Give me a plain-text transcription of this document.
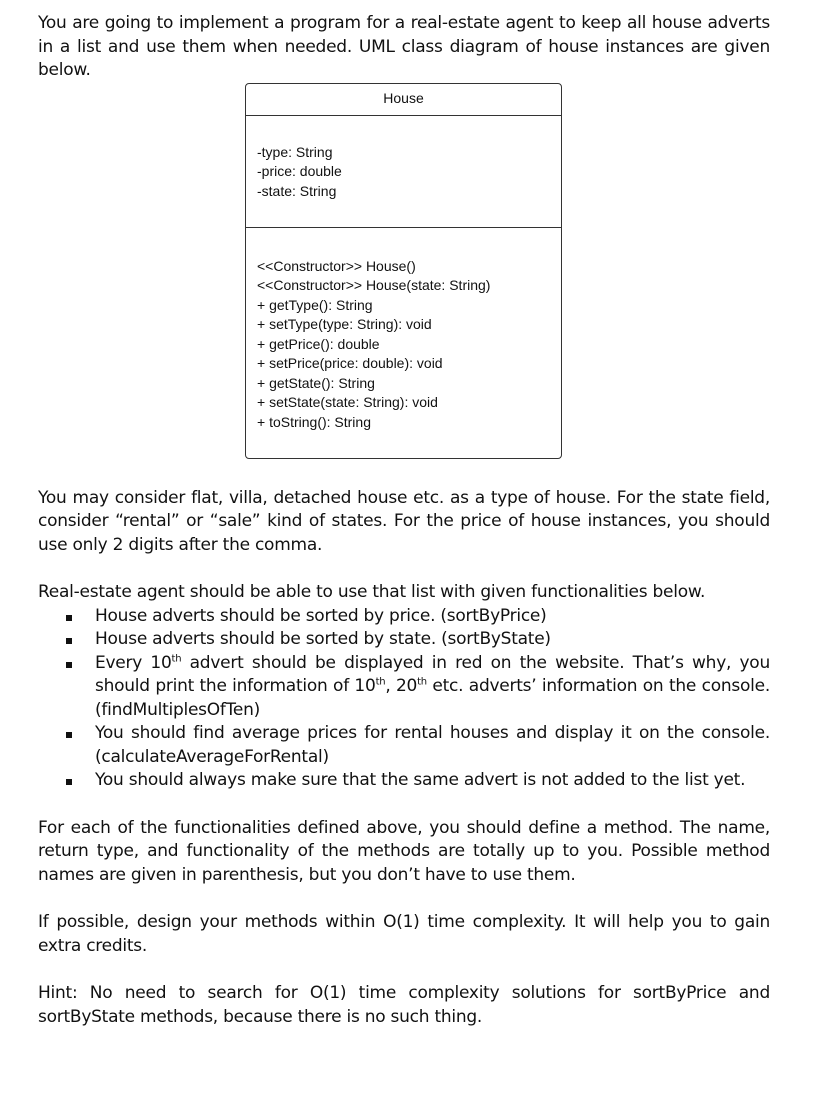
You are going to implement a program for a real-estate agent to keep all house adverts in a list and use them when needed. UML class diagram of house instances are given below.

House
-type: String
-price: double
-state: String
<<Constructor>> House()
<<Constructor>> House(state: String)
+ getType(): String
+ setType(type: String): void
+ getPrice(): double
+ setPrice(price: double): void
+ getState(): String
+ setState(state: String): void
+ toString(): String

You may consider flat, villa, detached house etc. as a type of house. For the state field, consider “rental” or “sale” kind of states. For the price of house instances, you should use only 2 digits after the comma.

Real-estate agent should be able to use that list with given functionalities below.

House adverts should be sorted by price. (sortByPrice)
House adverts should be sorted by state. (sortByState)
Every 10th advert should be displayed in red on the website. That’s why, you should print the information of 10th, 20th etc. adverts’ information on the console. (findMultiplesOfTen)
You should find average prices for rental houses and display it on the console. (calculateAverageForRental)
You should always make sure that the same advert is not added to the list yet.

For each of the functionalities defined above, you should define a method. The name, return type, and functionality of the methods are totally up to you. Possible method names are given in parenthesis, but you don’t have to use them.

If possible, design your methods within O(1) time complexity. It will help you to gain extra credits.

Hint: No need to search for O(1) time complexity solutions for sortByPrice and sortByState methods, because there is no such thing.
